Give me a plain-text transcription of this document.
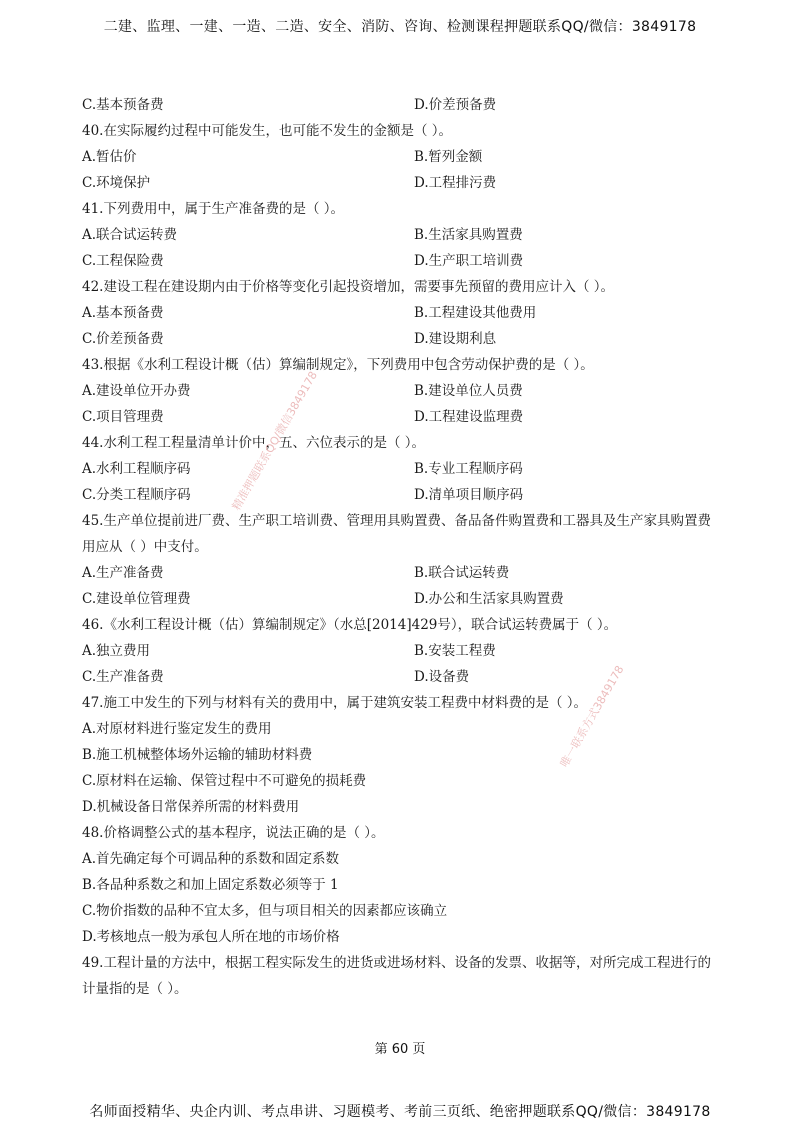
二建、监理、一建、一造、二造、安全、消防、咨询、检测课程押题联系QQ/微信：3849178
C.基本预备费	D.价差预备费
40.在实际履约过程中可能发生，也可能不发生的金额是（ ）。
A.暂估价	B.暂列金额
C.环境保护	D.工程排污费
41.下列费用中，属于生产准备费的是（ ）。
A.联合试运转费	B.生活家具购置费
C.工程保险费	D.生产职工培训费
42.建设工程在建设期内由于价格等变化引起投资增加，需要事先预留的费用应计入（ ）。
A.基本预备费	B.工程建设其他费用
C.价差预备费	D.建设期利息
43.根据《水利工程设计概（估）算编制规定》，下列费用中包含劳动保护费的是（ ）。
A.建设单位开办费	B.建设单位人员费
C.项目管理费	D.工程建设监理费
44.水利工程工程量清单计价中，五、六位表示的是（ ）。
A.水利工程顺序码	B.专业工程顺序码
C.分类工程顺序码	D.清单项目顺序码
45.生产单位提前进厂费、生产职工培训费、管理用具购置费、备品备件购置费和工器具及生产家具购置费
用应从（ ）中支付。
A.生产准备费	B.联合试运转费
C.建设单位管理费	D.办公和生活家具购置费
46.《水利工程设计概（估）算编制规定》（水总[2014]429号），联合试运转费属于（ ）。
A.独立费用	B.安装工程费
C.生产准备费	D.设备费
47.施工中发生的下列与材料有关的费用中，属于建筑安装工程费中材料费的是（ ）。
A.对原材料进行鉴定发生的费用
B.施工机械整体场外运输的辅助材料费
C.原材料在运输、保管过程中不可避免的损耗费
D.机械设备日常保养所需的材料费用
48.价格调整公式的基本程序，说法正确的是（ ）。
A.首先确定每个可调品种的系数和固定系数
B.各品种系数之和加上固定系数必须等于 1
C.物价指数的品种不宜太多，但与项目相关的因素都应该确立
D.考核地点一般为承包人所在地的市场价格
49.工程计量的方法中，根据工程实际发生的进货或进场材料、设备的发票、收据等，对所完成工程进行的
计量指的是（ ）。
精准押题联系QQ/微信3849178
唯一联系方式3849178
第 60 页
名师面授精华、央企内训、考点串讲、习题模考、考前三页纸、绝密押题联系QQ/微信：3849178
